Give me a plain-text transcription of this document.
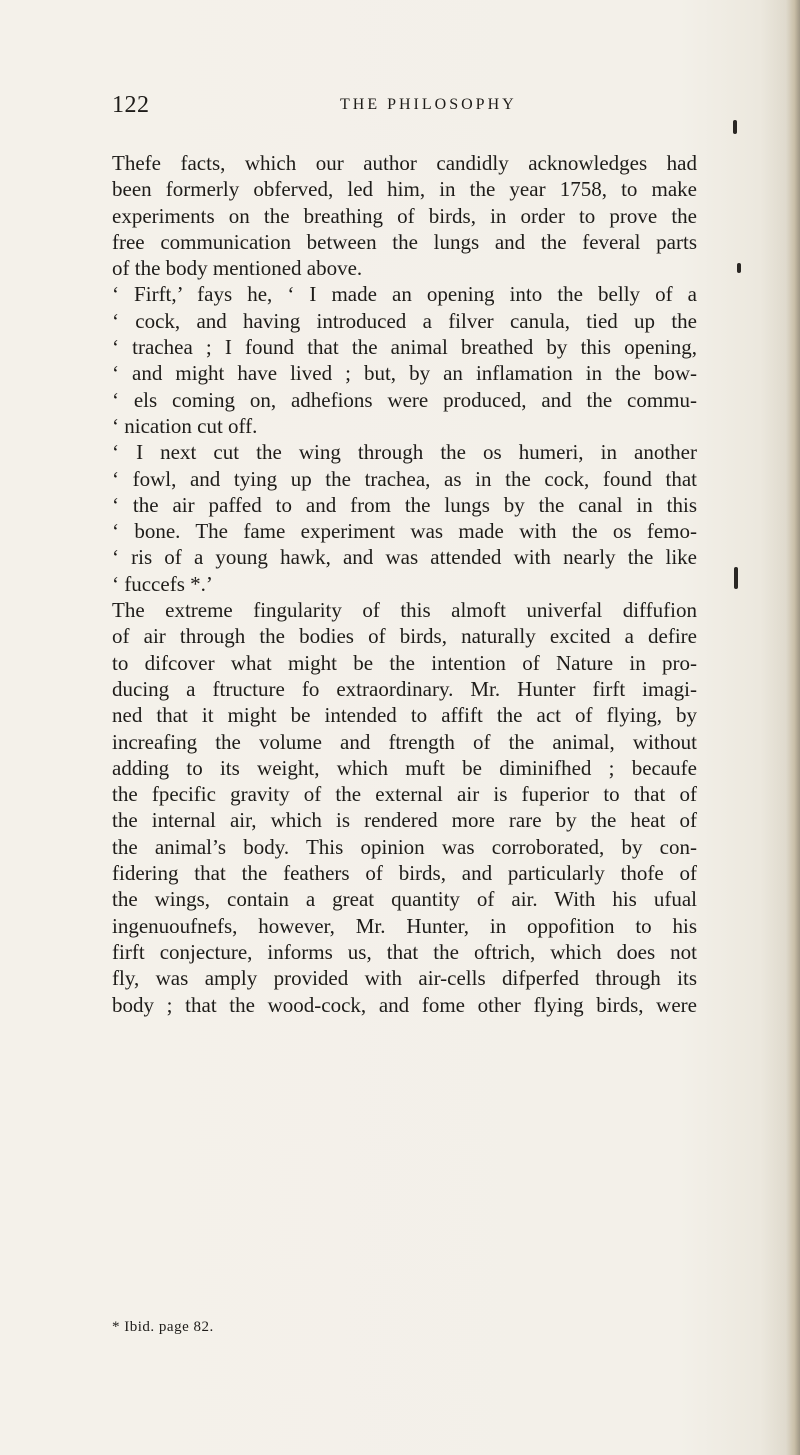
122	THE PHILOSOPHY
Thefe facts, which our author candidly acknowledges had
been formerly obferved, led him, in the year 1758, to make
experiments on the breathing of birds, in order to prove the
free communication between the lungs and the feveral parts
of the body mentioned above.
‘ Firft,’ fays he, ‘ I made an opening into the belly of a
‘ cock, and having introduced a filver canula, tied up the
‘ trachea ; I found that the animal breathed by this opening,
‘ and might have lived ; but, by an inflamation in the bow-
‘ els coming on, adhefions were produced, and the commu-
‘ nication cut off.
‘ I next cut the wing through the os humeri, in another
‘ fowl, and tying up the trachea, as in the cock, found that
‘ the air paffed to and from the lungs by the canal in this
‘ bone. The fame experiment was made with the os femo-
‘ ris of a young hawk, and was attended with nearly the like
‘ fuccefs *.’
The extreme fingularity of this almoft univerfal diffufion
of air through the bodies of birds, naturally excited a defire
to difcover what might be the intention of Nature in pro-
ducing a ftructure fo extraordinary. Mr. Hunter firft imagi-
ned that it might be intended to affift the act of flying, by
increafing the volume and ftrength of the animal, without
adding to its weight, which muft be diminifhed ; becaufe
the fpecific gravity of the external air is fuperior to that of
the internal air, which is rendered more rare by the heat of
the animal’s body. This opinion was corroborated, by con-
fidering that the feathers of birds, and particularly thofe of
the wings, contain a great quantity of air. With his ufual
ingenuoufnefs, however, Mr. Hunter, in oppofition to his
firft conjecture, informs us, that the oftrich, which does not
fly, was amply provided with air-cells difperfed through its
body ; that the wood-cock, and fome other flying birds, were
* Ibid. page 82.
